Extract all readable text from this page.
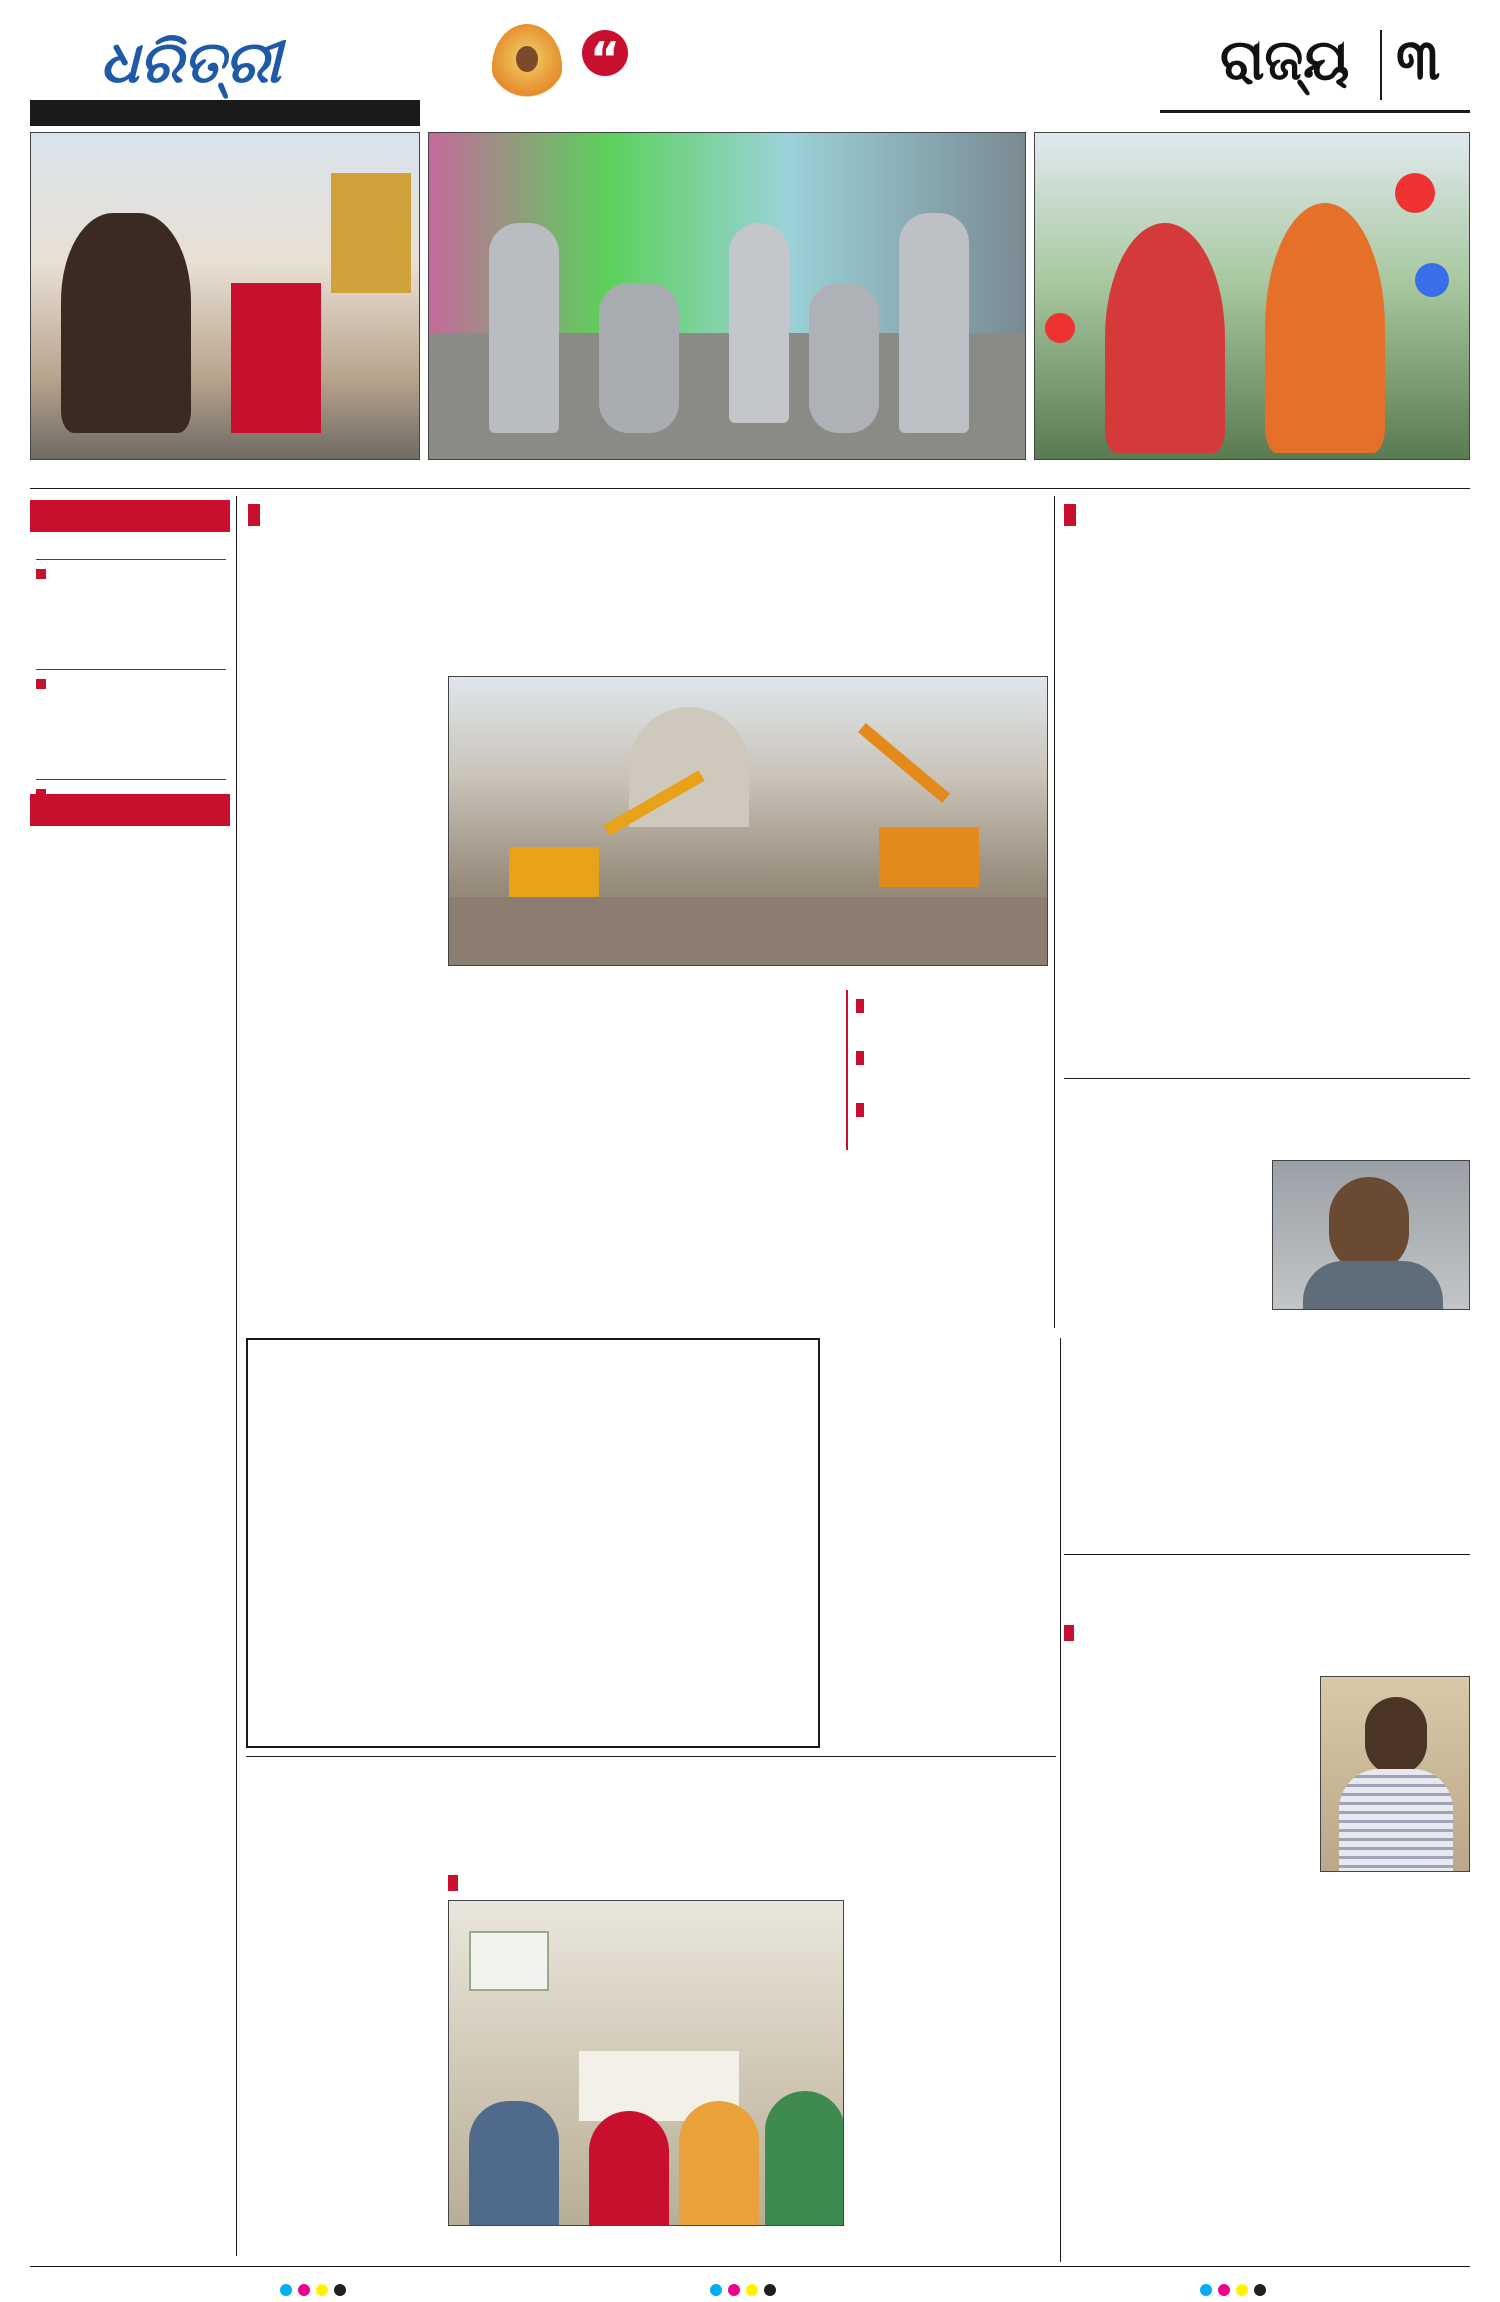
ଧରିତ୍ରୀ	“	ରାଜ୍ୟ ୩
